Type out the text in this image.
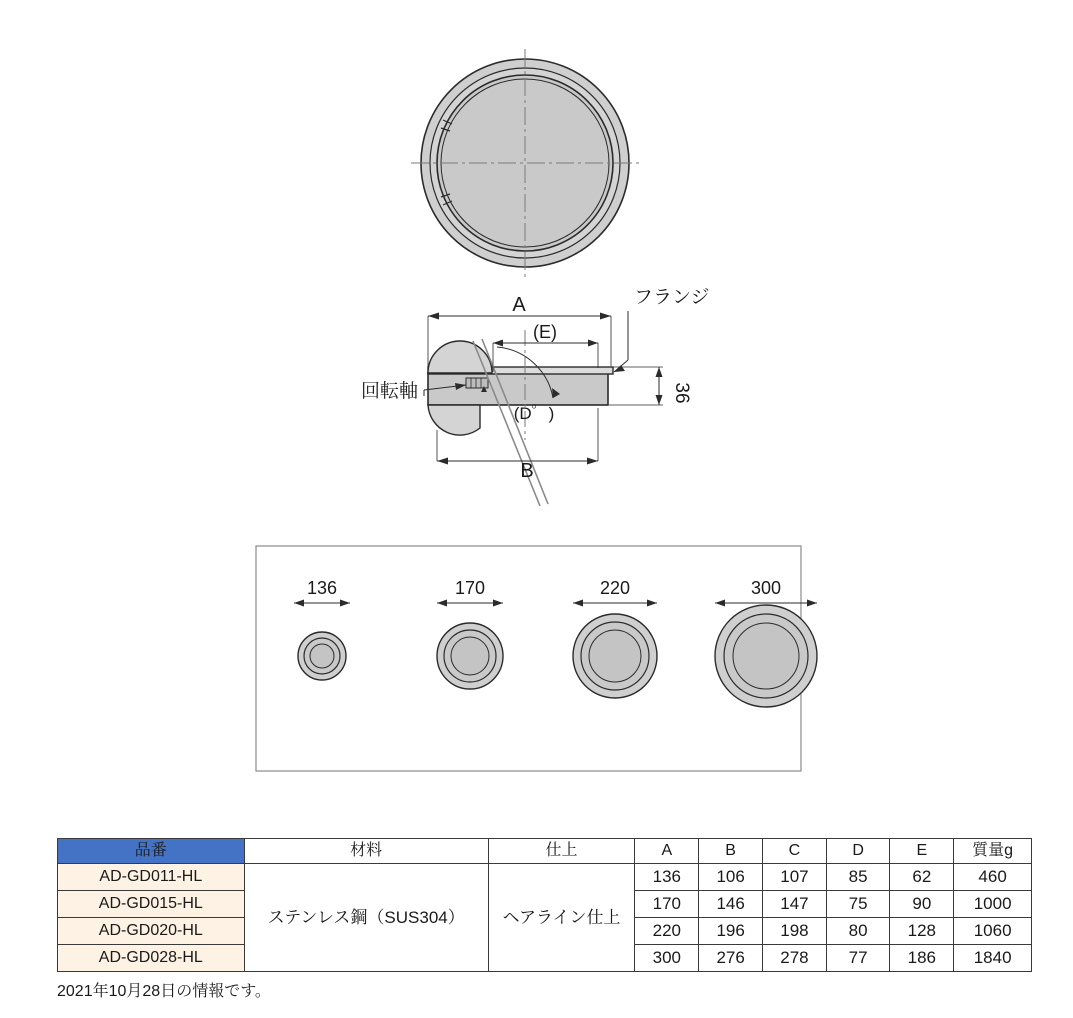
A
(E)
B
(D゜)
36
フランジ
回転軸
136	170	220	300
品番	材料	仕上	A	B	C	D	E	質量g
AD-GD011-HL	ステンレス鋼（SUS304）	ヘアライン仕上	136	106	107	85	62	460
AD-GD015-HL			170	146	147	75	90	1000
AD-GD020-HL			220	196	198	80	128	1060
AD-GD028-HL			300	276	278	77	186	1840
2021年10月28日の情報です。
